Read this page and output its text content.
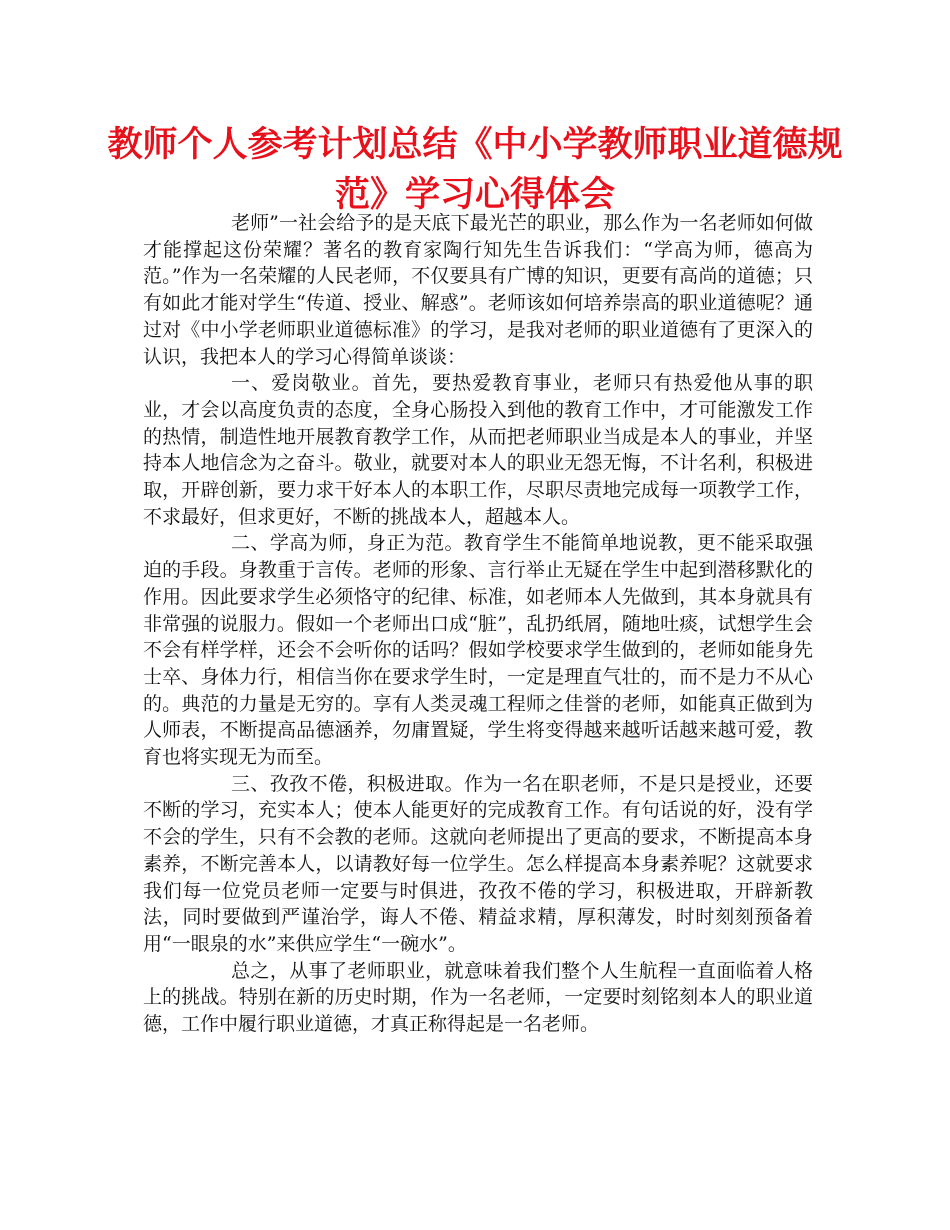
教师个人参考计划总结《中小学教师职业道德规范》学习心得体会

老师”一社会给予的是天底下最光芒的职业，那么作为一名老师如何做才能撑起这份荣耀？著名的教育家陶行知先生告诉我们：“学高为师，德高为范。”作为一名荣耀的人民老师，不仅要具有广博的知识，更要有高尚的道德；只有如此才能对学生“传道、授业、解惑”。老师该如何培养崇高的职业道德呢？通过对《中小学老师职业道德标准》的学习，是我对老师的职业道德有了更深入的认识，我把本人的学习心得简单谈谈：

一、爱岗敬业。首先，要热爱教育事业，老师只有热爱他从事的职业，才会以高度负责的态度，全身心肠投入到他的教育工作中，才可能激发工作的热情，制造性地开展教育教学工作，从而把老师职业当成是本人的事业，并坚持本人地信念为之奋斗。敬业，就要对本人的职业无怨无悔，不计名利，积极进取，开辟创新，要力求干好本人的本职工作，尽职尽责地完成每一项教学工作，不求最好，但求更好，不断的挑战本人，超越本人。

二、学高为师，身正为范。教育学生不能简单地说教，更不能采取强迫的手段。身教重于言传。老师的形象、言行举止无疑在学生中起到潜移默化的作用。因此要求学生必须恪守的纪律、标准，如老师本人先做到，其本身就具有非常强的说服力。假如一个老师出口成“脏”，乱扔纸屑，随地吐痰，试想学生会不会有样学样，还会不会听你的话吗？假如学校要求学生做到的，老师如能身先士卒、身体力行，相信当你在要求学生时，一定是理直气壮的，而不是力不从心的。典范的力量是无穷的。享有人类灵魂工程师之佳誉的老师，如能真正做到为人师表，不断提高品德涵养，勿庸置疑，学生将变得越来越听话越来越可爱，教育也将实现无为而至。

三、孜孜不倦，积极进取。作为一名在职老师，不是只是授业，还要不断的学习，充实本人；使本人能更好的完成教育工作。有句话说的好，没有学不会的学生，只有不会教的老师。这就向老师提出了更高的要求，不断提高本身素养，不断完善本人，以请教好每一位学生。怎么样提高本身素养呢？这就要求我们每一位党员老师一定要与时俱进，孜孜不倦的学习，积极进取，开辟新教法，同时要做到严谨治学，诲人不倦、精益求精，厚积薄发，时时刻刻预备着用“一眼泉的水”来供应学生“一碗水”。

总之，从事了老师职业，就意味着我们整个人生航程一直面临着人格上的挑战。特别在新的历史时期，作为一名老师，一定要时刻铭刻本人的职业道德，工作中履行职业道德，才真正称得起是一名老师。
